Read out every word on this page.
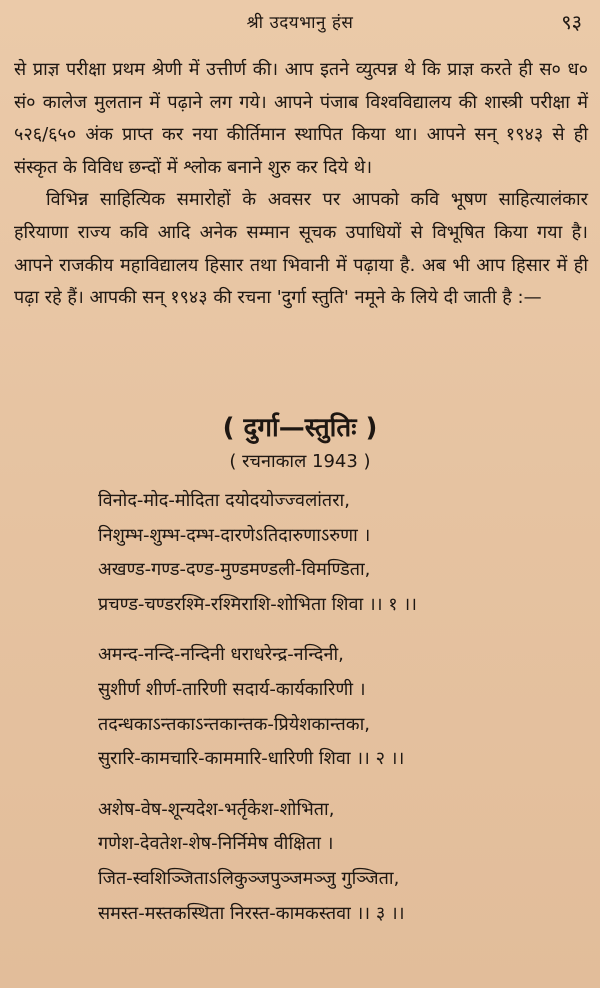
श्री उदयभानु हंस	९३

से प्राज्ञ परीक्षा प्रथम श्रेणी में उत्तीर्ण की। आप इतने व्युत्पन्न थे कि प्राज्ञ करते ही स० ध० सं० कालेज मुलतान में पढ़ाने लग गये। आपने पंजाब विश्वविद्यालय की शास्त्री परीक्षा में ५२६/६५० अंक प्राप्त कर नया कीर्तिमान स्थापित किया था। आपने सन् १९४३ से ही संस्कृत के विविध छन्दों में श्लोक बनाने शुरु कर दिये थे।

विभिन्न साहित्यिक समारोहों के अवसर पर आपको कवि भूषण साहित्यालंकार हरियाणा राज्य कवि आदि अनेक सम्मान सूचक उपाधियों से विभूषित किया गया है। आपने राजकीय महाविद्यालय हिसार तथा भिवानी में पढ़ाया है. अब भी आप हिसार में ही पढ़ा रहे हैं। आपकी सन् १९४३ की रचना 'दुर्गा स्तुति' नमूने के लिये दी जाती है :—

( दुर्गा—स्तुतिः )
( रचनाकाल 1943 )
विनोद-मोद-मोदिता दयोदयोज्ज्वलांतरा,
निशुम्भ-शुम्भ-दम्भ-दारणेऽतिदारुणाऽरुणा ।
अखण्ड-गण्ड-दण्ड-मुण्डमण्डली-विमण्डिता,
प्रचण्ड-चण्डरश्मि-रश्मिराशि-शोभिता शिवा ।। १ ।।
अमन्द-नन्दि-नन्दिनी धराधरेन्द्र-नन्दिनी,
सुशीर्ण शीर्ण-तारिणी सदार्य-कार्यकारिणी ।
तदन्धकाऽन्तकाऽन्तकान्तक-प्रियेशकान्तका,
सुरारि-कामचारि-काममारि-धारिणी शिवा ।। २ ।।
अशेष-वेष-शून्यदेश-भर्तृकेश-शोभिता,
गणेश-देवतेश-शेष-निर्निमेष वीक्षिता ।
जित-स्वशिञ्जिताऽलिकुञ्जपुञ्जमञ्जु गुञ्जिता,
समस्त-मस्तकस्थिता निरस्त-कामकस्तवा ।। ३ ।।
